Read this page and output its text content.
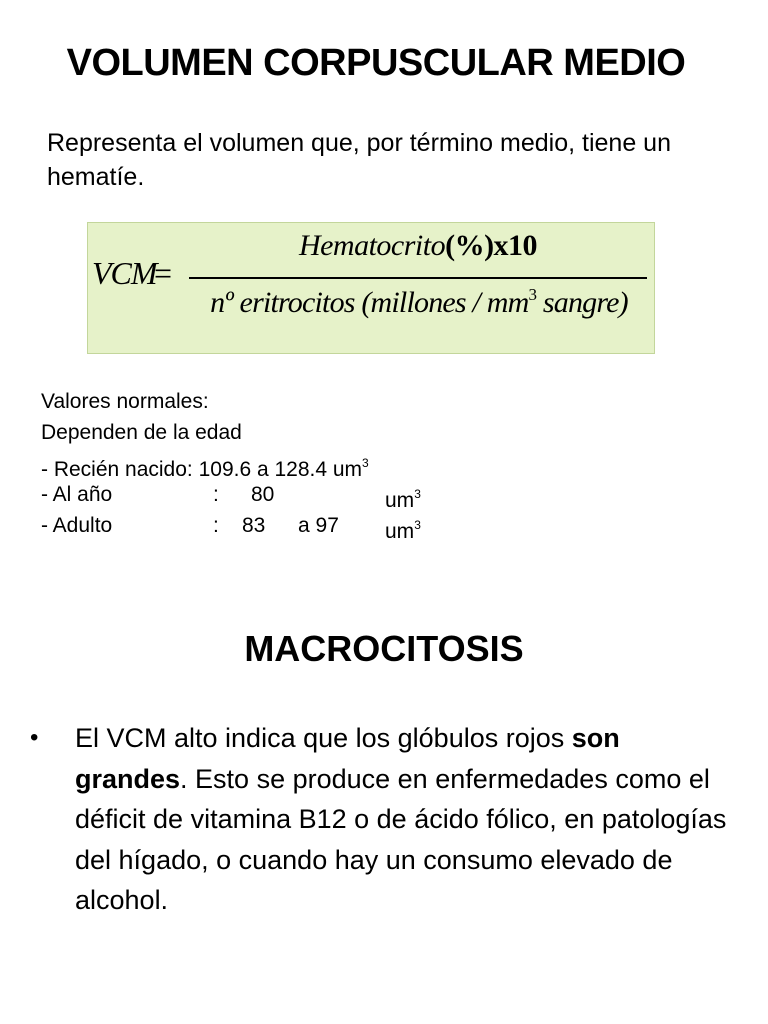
VOLUMEN CORPUSCULAR MEDIO
Representa el volumen que, por término medio, tiene un hematíe.
VCM
=
Hematocrito(%)x10
nº eritrocitos (millones / $mm^3$ sangre)
Valores normales:
Dependen de la edad
- Recién nacido: 109.6 a 128.4 $um^3$
- Al año	: 80	$um^3$
- Adulto	: 83 a 97 $um^3$
MACROCITOSIS
• El VCM alto indica que los glóbulos rojos son grandes. Esto se produce en enfermedades como el déficit de vitamina B12 o de ácido fólico, en patologías del hígado, o cuando hay un consumo elevado de alcohol.
